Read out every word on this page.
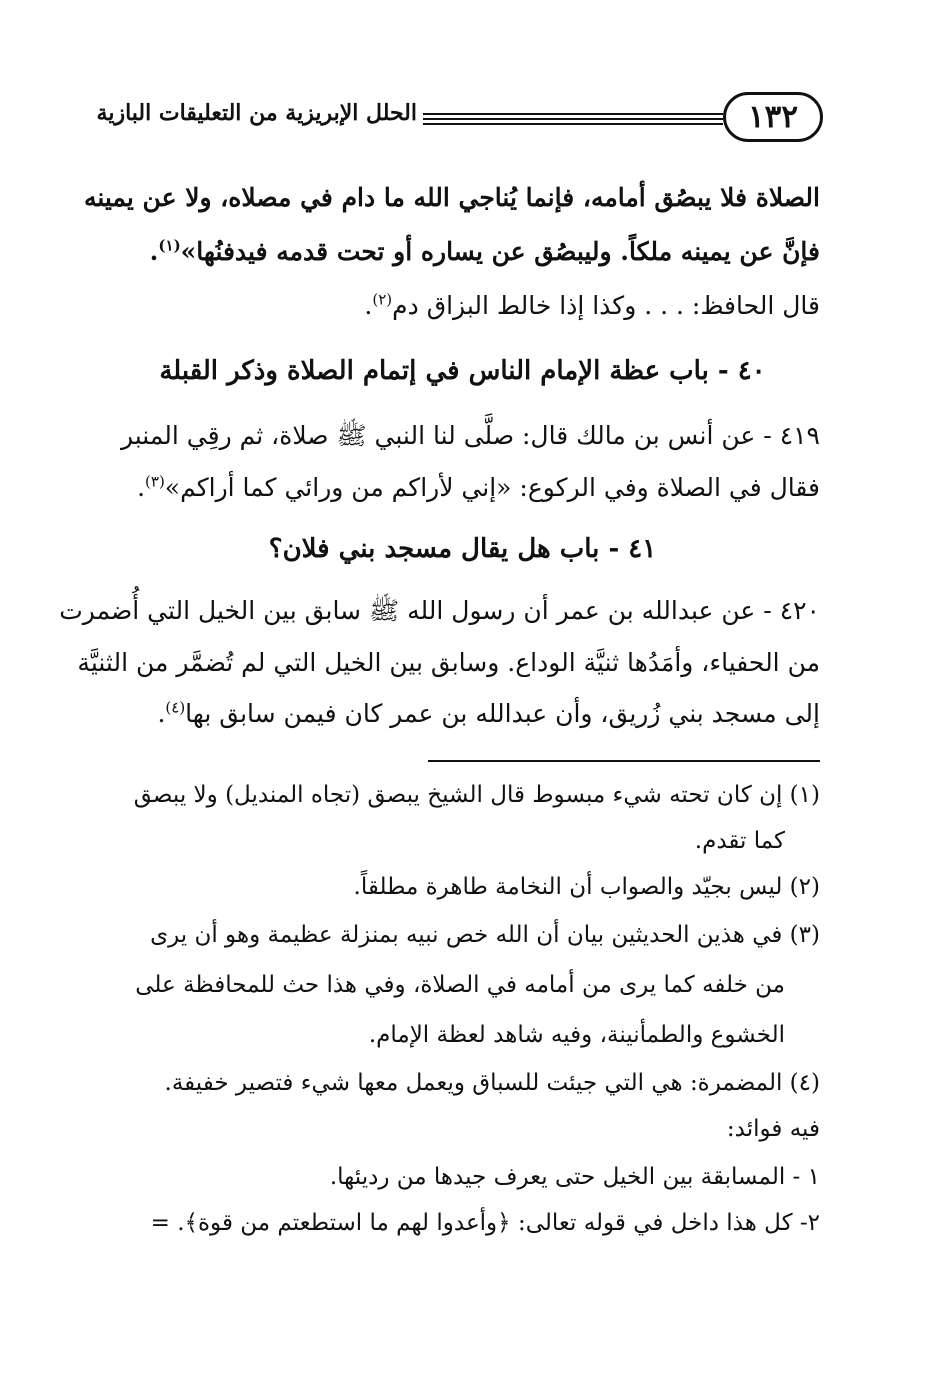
١٣٢
الحلل الإبريزية من التعليقات البازية
الصلاة فلا يبصُق أمامه، فإنما يُناجي الله ما دام في مصلاه، ولا عن يمينه
فإنَّ عن يمينه ملكاً. وليبصُق عن يساره أو تحت قدمه فيدفنُها»$^{(١)}$.
قال الحافظ: . . . وكذا إذا خالط البزاق دم$^{(٢)}$.
٤٠ - باب عظة الإمام الناس في إتمام الصلاة وذكر القبلة
٤١٩ - عن أنس بن مالك قال: صلَّى لنا النبي ﷺ صلاة، ثم رقِي المنبر
فقال في الصلاة وفي الركوع: «إني لأراكم من ورائي كما أراكم»$^{(٣)}$.
٤١ - باب هل يقال مسجد بني فلان؟
٤٢٠ - عن عبدالله بن عمر أن رسول الله ﷺ سابق بين الخيل التي أُضمرت
من الحفياء، وأمَدُها ثنيَّة الوداع. وسابق بين الخيل التي لم تُضمَّر من الثنيَّة
إلى مسجد بني زُريق، وأن عبدالله بن عمر كان فيمن سابق بها$^{(٤)}$.
(١) إن كان تحته شيء مبسوط قال الشيخ يبصق (تجاه المنديل) ولا يبصق
كما تقدم.
(٢) ليس بجيّد والصواب أن النخامة طاهرة مطلقاً.
(٣) في هذين الحديثين بيان أن الله خص نبيه بمنزلة عظيمة وهو أن يرى
من خلفه كما يرى من أمامه في الصلاة، وفي هذا حث للمحافظة على
الخشوع والطمأنينة، وفيه شاهد لعظة الإمام.
(٤) المضمرة: هي التي جيئت للسباق ويعمل معها شيء فتصير خفيفة.
فيه فوائد:
١ - المسابقة بين الخيل حتى يعرف جيدها من رديئها.
٢- كل هذا داخل في قوله تعالى: ﴿وأعدوا لهم ما استطعتم من قوة﴾. =
